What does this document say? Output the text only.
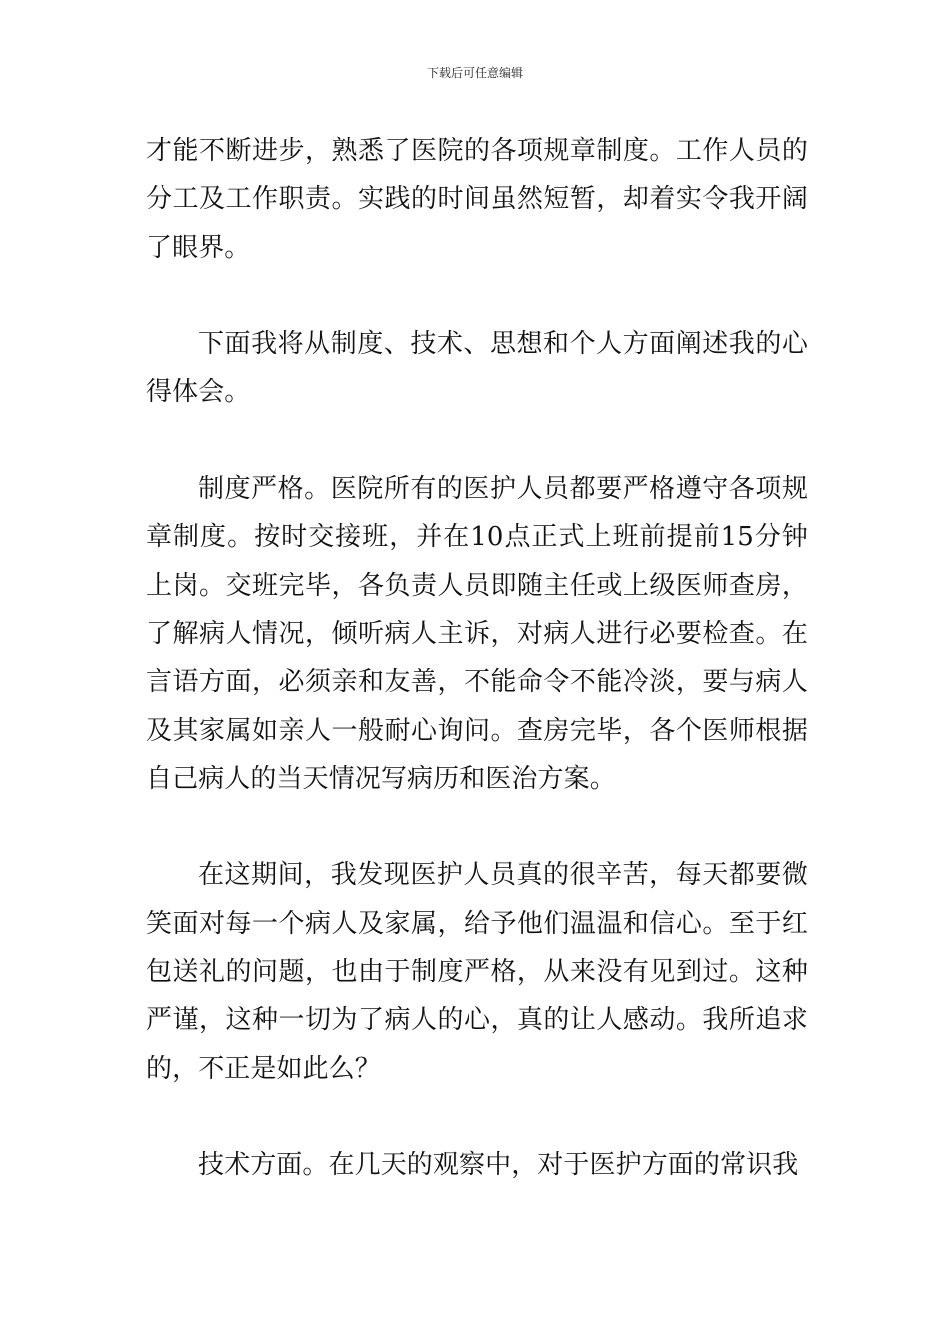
下载后可任意编辑

才能不断进步，熟悉了医院的各项规章制度。工作人员的分工及工作职责。实践的时间虽然短暂，却着实令我开阔了眼界。

下面我将从制度、技术、思想和个人方面阐述我的心得体会。

制度严格。医院所有的医护人员都要严格遵守各项规章制度。按时交接班，并在10点正式上班前提前15分钟上岗。交班完毕，各负责人员即随主任或上级医师查房，了解病人情况，倾听病人主诉，对病人进行必要检查。在言语方面，必须亲和友善，不能命令不能冷淡，要与病人及其家属如亲人一般耐心询问。查房完毕，各个医师根据自己病人的当天情况写病历和医治方案。

在这期间，我发现医护人员真的很辛苦，每天都要微笑面对每一个病人及家属，给予他们温温和信心。至于红包送礼的问题，也由于制度严格，从来没有见到过。这种严谨，这种一切为了病人的心，真的让人感动。我所追求的，不正是如此么？

技术方面。在几天的观察中，对于医护方面的常识我
